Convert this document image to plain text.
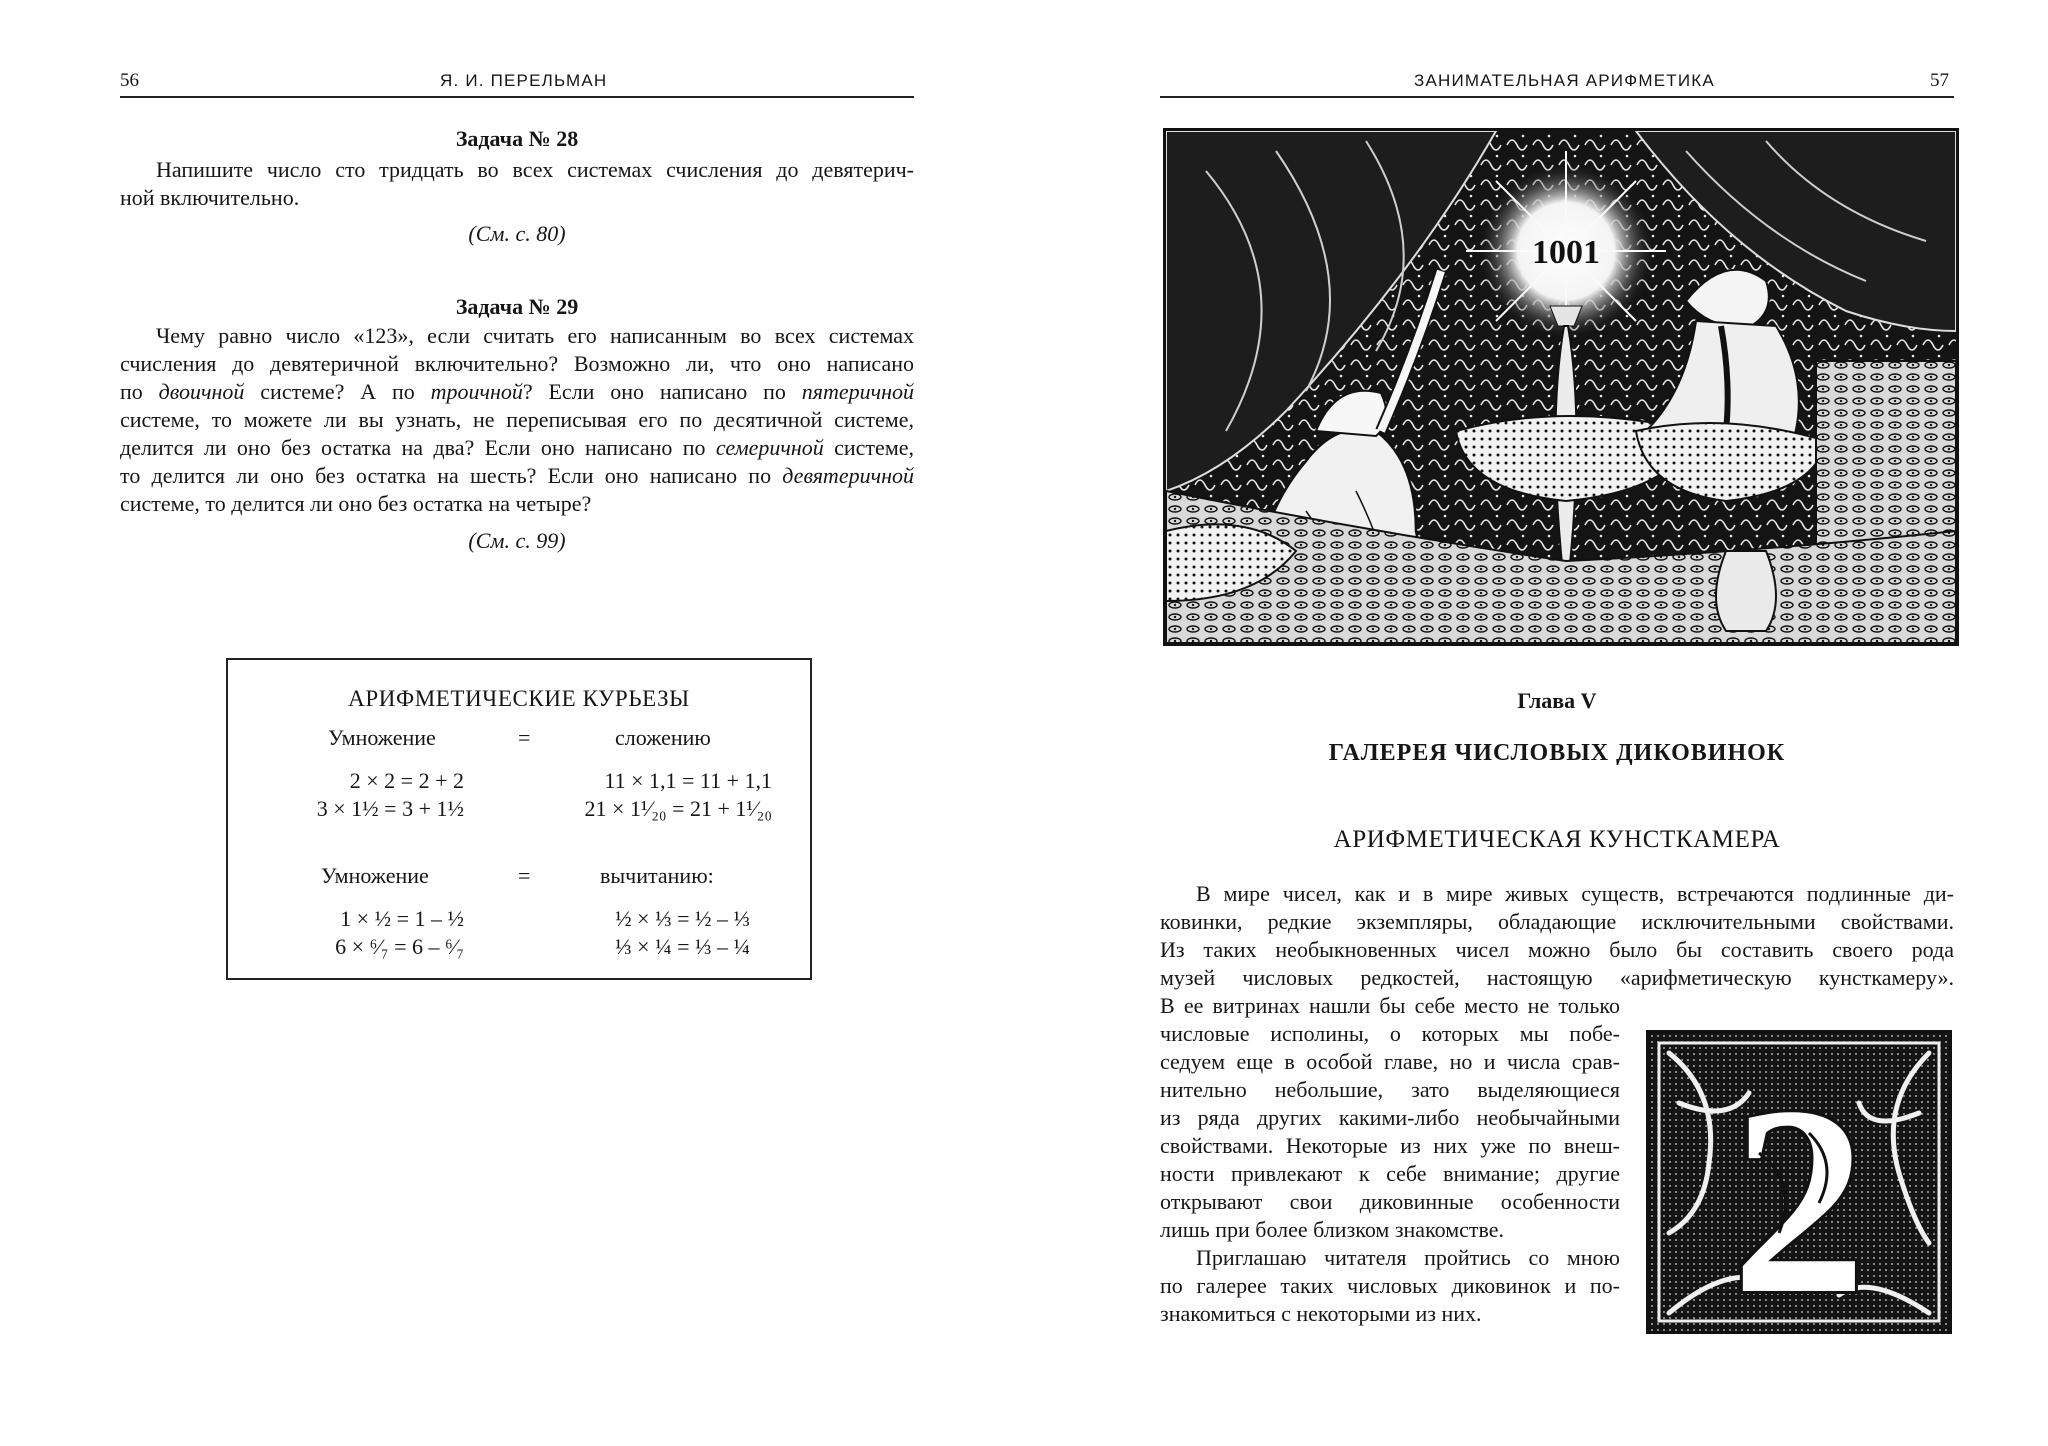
56	Я. И. ПЕРЕЛЬМАН
Задача № 28
Напишите число сто тридцать во всех системах счисления до девятерич-
ной включительно.
(См. с. 80)
Задача № 29
Чему равно число «123», если считать его написанным во всех системах
счисления до девятеричной включительно? Возможно ли, что оно написано
по двоичной системе? А по троичной? Если оно написано по пятеричной
системе, то можете ли вы узнать, не переписывая его по десятичной системе,
делится ли оно без остатка на два? Если оно написано по семеричной системе,
то делится ли оно без остатка на шесть? Если оно написано по девятеричной
системе, то делится ли оно без остатка на четыре?
(См. с. 99)
АРИФМЕТИЧЕСКИЕ КУРЬЕЗЫ
Умножение	=	сложению
2 × 2 = 2 + 2	11 × 1,1 = 11 + 1,1
3 × 1½ = 3 + 1½	21 × 1¹⁄₂₀ = 21 + 1¹⁄₂₀
Умножение	=	вычитанию:
1 × ½ = 1 – ½	½ × ⅓ = ½ – ⅓
6 × ⁶⁄₇ = 6 – ⁶⁄₇	⅓ × ¼ = ⅓ – ¼
ЗАНИМАТЕЛЬНАЯ АРИФМЕТИКА	57
1001
Глава V
ГАЛЕРЕЯ ЧИСЛОВЫХ ДИКОВИНОК
АРИФМЕТИЧЕСКАЯ КУНСТКАМЕРА
В мире чисел, как и в мире живых существ, встречаются подлинные ди-
ковинки, редкие экземпляры, обладающие исключительными свойствами.
Из таких необыкновенных чисел можно было бы составить своего рода
музей числовых редкостей, настоящую «арифметическую кунсткамеру».
В ее витринах нашли бы себе место не только
числовые исполины, о которых мы побе-
седуем еще в особой главе, но и числа срав-
нительно небольшие, зато выделяющиеся
из ряда других какими-либо необычайными
свойствами. Некоторые из них уже по внеш-
ности привлекают к себе внимание; другие
открывают свои диковинные особенности
лишь при более близком знакомстве.
Приглашаю читателя пройтись со мною
по галерее таких числовых диковинок и по-
знакомиться с некоторыми из них. 2
